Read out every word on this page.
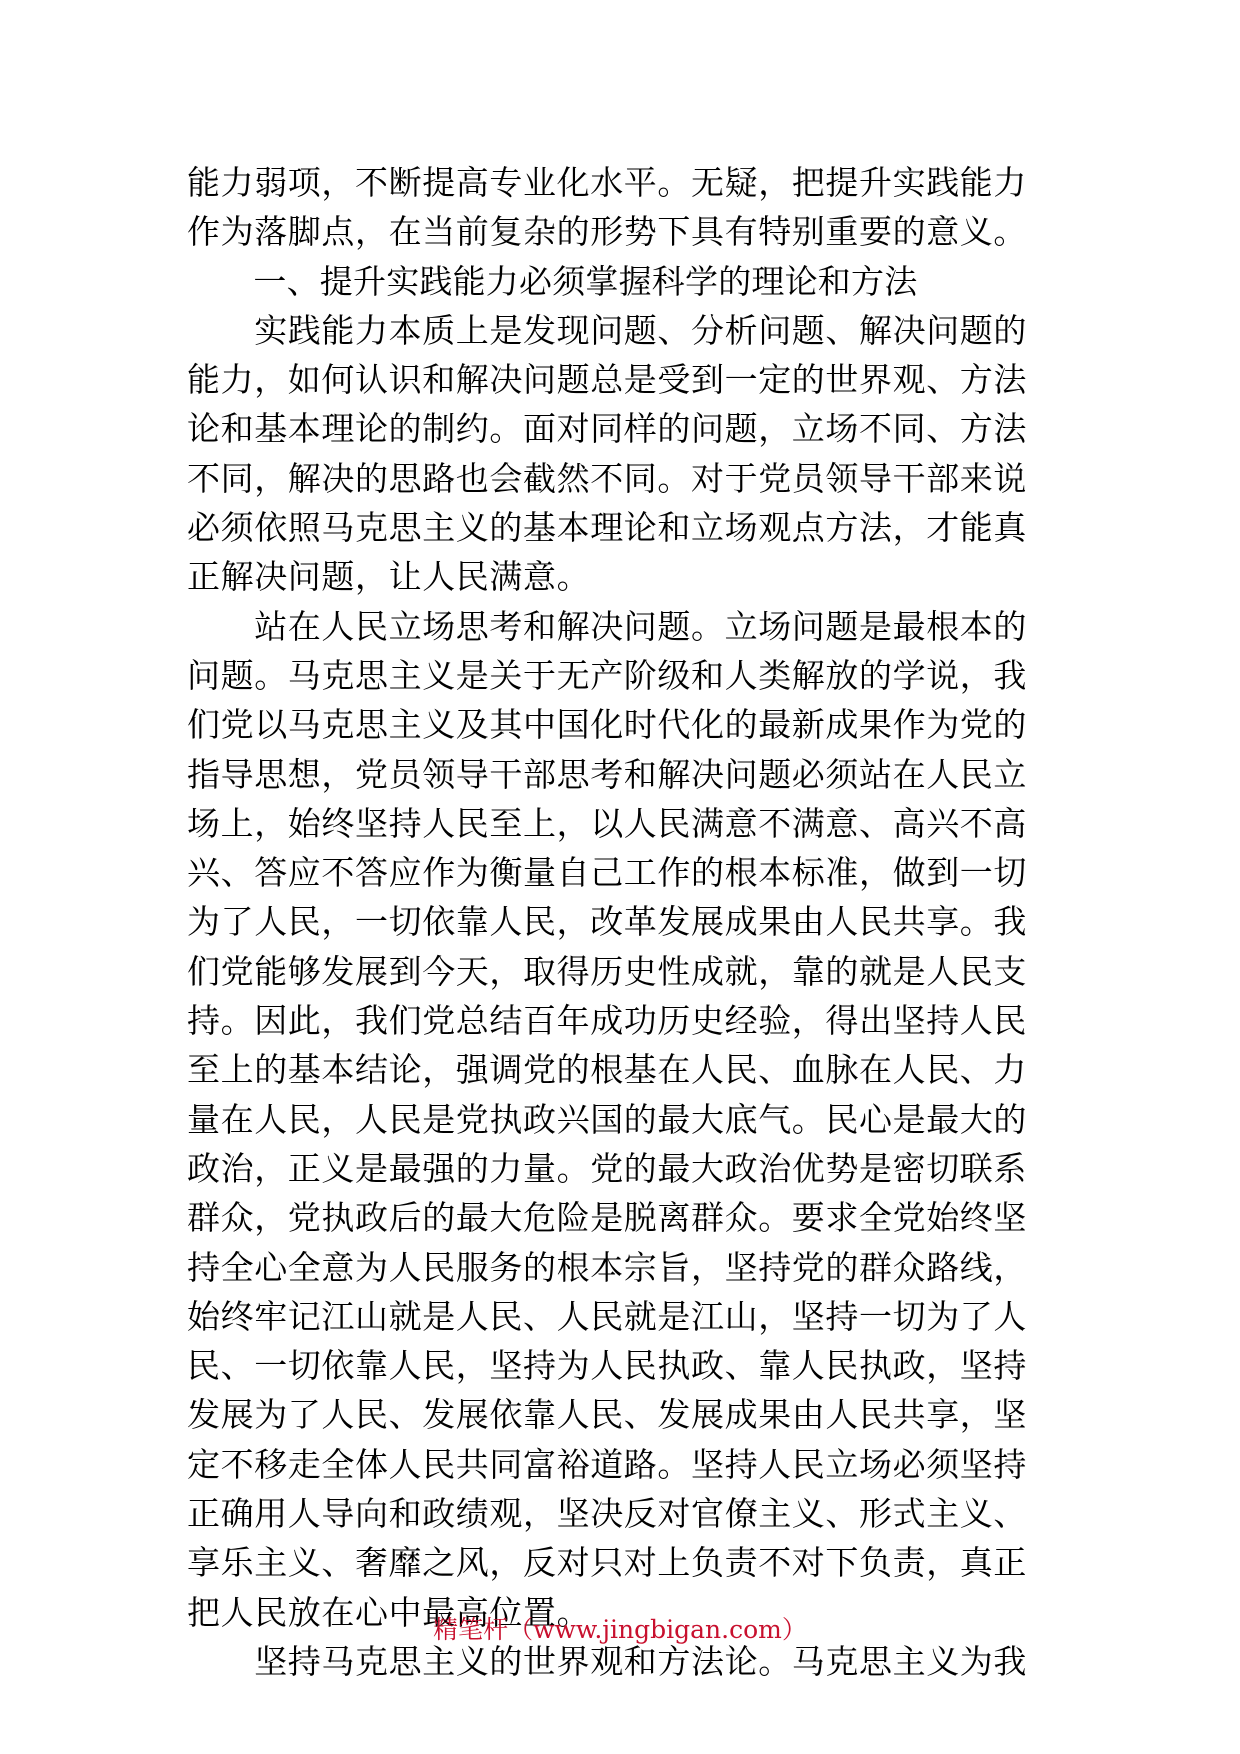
能力弱项，不断提高专业化水平。无疑，把提升实践能力
作为落脚点，在当前复杂的形势下具有特别重要的意义。
　　一、提升实践能力必须掌握科学的理论和方法
　　实践能力本质上是发现问题、分析问题、解决问题的
能力，如何认识和解决问题总是受到一定的世界观、方法
论和基本理论的制约。面对同样的问题，立场不同、方法
不同，解决的思路也会截然不同。对于党员领导干部来说
必须依照马克思主义的基本理论和立场观点方法，才能真
正解决问题，让人民满意。
　　站在人民立场思考和解决问题。立场问题是最根本的
问题。马克思主义是关于无产阶级和人类解放的学说，我
们党以马克思主义及其中国化时代化的最新成果作为党的
指导思想，党员领导干部思考和解决问题必须站在人民立
场上，始终坚持人民至上，以人民满意不满意、高兴不高
兴、答应不答应作为衡量自己工作的根本标准，做到一切
为了人民，一切依靠人民，改革发展成果由人民共享。我
们党能够发展到今天，取得历史性成就，靠的就是人民支
持。因此，我们党总结百年成功历史经验，得出坚持人民
至上的基本结论，强调党的根基在人民、血脉在人民、力
量在人民，人民是党执政兴国的最大底气。民心是最大的
政治，正义是最强的力量。党的最大政治优势是密切联系
群众，党执政后的最大危险是脱离群众。要求全党始终坚
持全心全意为人民服务的根本宗旨，坚持党的群众路线，
始终牢记江山就是人民、人民就是江山，坚持一切为了人
民、一切依靠人民，坚持为人民执政、靠人民执政，坚持
发展为了人民、发展依靠人民、发展成果由人民共享，坚
定不移走全体人民共同富裕道路。坚持人民立场必须坚持
正确用人导向和政绩观，坚决反对官僚主义、形式主义、
享乐主义、奢靡之风，反对只对上负责不对下负责，真正
把人民放在心中最高位置。
　　坚持马克思主义的世界观和方法论。马克思主义为我
精笔杆（www.jingbigan.com）
